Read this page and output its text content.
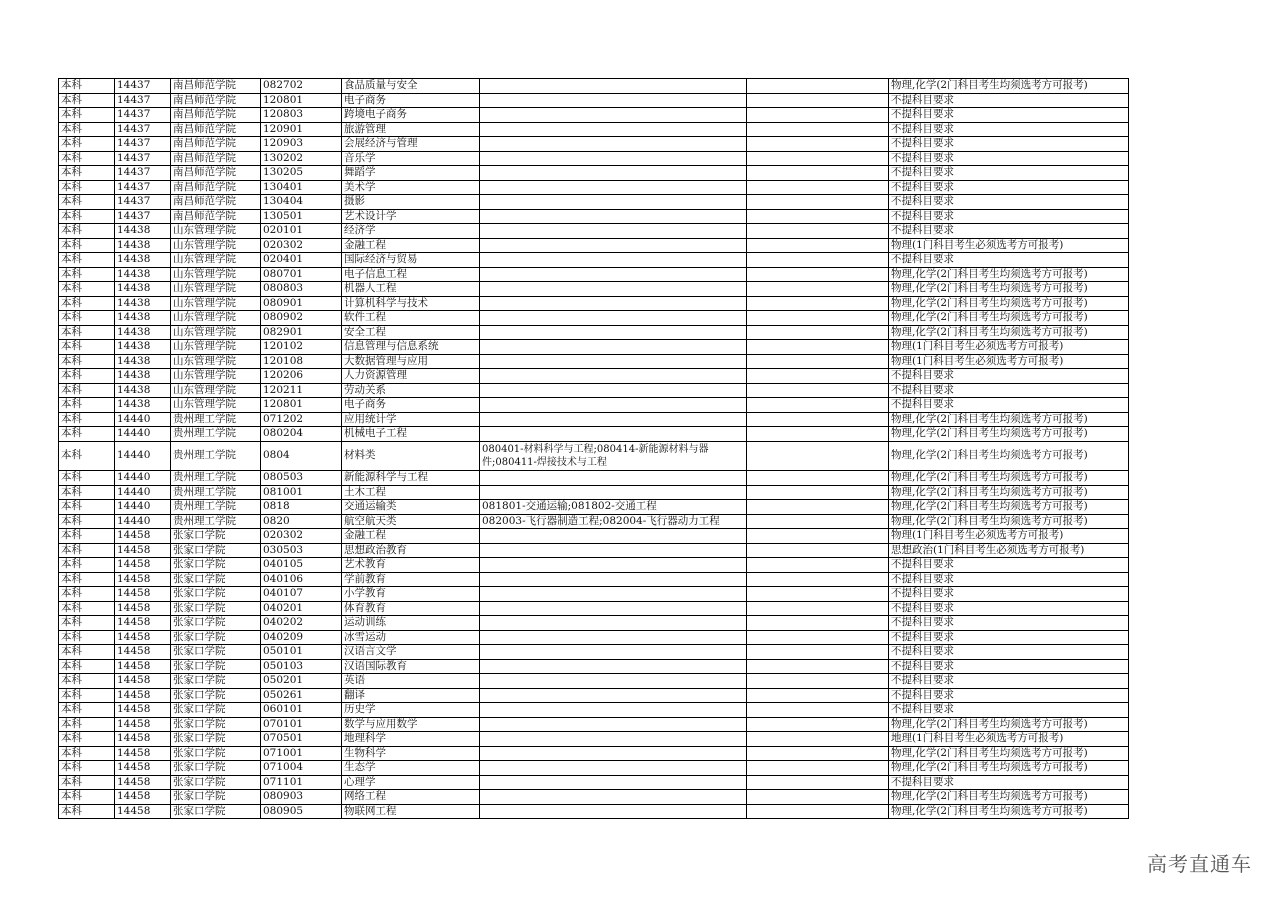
本科	14437	南昌师范学院	082702	食品质量与安全			物理,化学(2门科目考生均须选考方可报考)
本科	14437	南昌师范学院	120801	电子商务			不提科目要求
本科	14437	南昌师范学院	120803	跨境电子商务			不提科目要求
本科	14437	南昌师范学院	120901	旅游管理			不提科目要求
本科	14437	南昌师范学院	120903	会展经济与管理			不提科目要求
本科	14437	南昌师范学院	130202	音乐学			不提科目要求
本科	14437	南昌师范学院	130205	舞蹈学			不提科目要求
本科	14437	南昌师范学院	130401	美术学			不提科目要求
本科	14437	南昌师范学院	130404	摄影			不提科目要求
本科	14437	南昌师范学院	130501	艺术设计学			不提科目要求
本科	14438	山东管理学院	020101	经济学			不提科目要求
本科	14438	山东管理学院	020302	金融工程			物理(1门科目考生必须选考方可报考)
本科	14438	山东管理学院	020401	国际经济与贸易			不提科目要求
本科	14438	山东管理学院	080701	电子信息工程			物理,化学(2门科目考生均须选考方可报考)
本科	14438	山东管理学院	080803	机器人工程			物理,化学(2门科目考生均须选考方可报考)
本科	14438	山东管理学院	080901	计算机科学与技术			物理,化学(2门科目考生均须选考方可报考)
本科	14438	山东管理学院	080902	软件工程			物理,化学(2门科目考生均须选考方可报考)
本科	14438	山东管理学院	082901	安全工程			物理,化学(2门科目考生均须选考方可报考)
本科	14438	山东管理学院	120102	信息管理与信息系统			物理(1门科目考生必须选考方可报考)
本科	14438	山东管理学院	120108	大数据管理与应用			物理(1门科目考生必须选考方可报考)
本科	14438	山东管理学院	120206	人力资源管理			不提科目要求
本科	14438	山东管理学院	120211	劳动关系			不提科目要求
本科	14438	山东管理学院	120801	电子商务			不提科目要求
本科	14440	贵州理工学院	071202	应用统计学			物理,化学(2门科目考生均须选考方可报考)
本科	14440	贵州理工学院	080204	机械电子工程			物理,化学(2门科目考生均须选考方可报考)
本科	14440	贵州理工学院	0804	材料类	080401-材料科学与工程;080414-新能源材料与器件;080411-焊接技术与工程		物理,化学(2门科目考生均须选考方可报考)
本科	14440	贵州理工学院	080503	新能源科学与工程			物理,化学(2门科目考生均须选考方可报考)
本科	14440	贵州理工学院	081001	土木工程			物理,化学(2门科目考生均须选考方可报考)
本科	14440	贵州理工学院	0818	交通运输类	081801-交通运输;081802-交通工程		物理,化学(2门科目考生均须选考方可报考)
本科	14440	贵州理工学院	0820	航空航天类	082003-飞行器制造工程;082004-飞行器动力工程		物理,化学(2门科目考生均须选考方可报考)
本科	14458	张家口学院	020302	金融工程			物理(1门科目考生必须选考方可报考)
本科	14458	张家口学院	030503	思想政治教育			思想政治(1门科目考生必须选考方可报考)
本科	14458	张家口学院	040105	艺术教育			不提科目要求
本科	14458	张家口学院	040106	学前教育			不提科目要求
本科	14458	张家口学院	040107	小学教育			不提科目要求
本科	14458	张家口学院	040201	体育教育			不提科目要求
本科	14458	张家口学院	040202	运动训练			不提科目要求
本科	14458	张家口学院	040209	冰雪运动			不提科目要求
本科	14458	张家口学院	050101	汉语言文学			不提科目要求
本科	14458	张家口学院	050103	汉语国际教育			不提科目要求
本科	14458	张家口学院	050201	英语			不提科目要求
本科	14458	张家口学院	050261	翻译			不提科目要求
本科	14458	张家口学院	060101	历史学			不提科目要求
本科	14458	张家口学院	070101	数学与应用数学			物理,化学(2门科目考生均须选考方可报考)
本科	14458	张家口学院	070501	地理科学			地理(1门科目考生必须选考方可报考)
本科	14458	张家口学院	071001	生物科学			物理,化学(2门科目考生均须选考方可报考)
本科	14458	张家口学院	071004	生态学			物理,化学(2门科目考生均须选考方可报考)
本科	14458	张家口学院	071101	心理学			不提科目要求
本科	14458	张家口学院	080903	网络工程			物理,化学(2门科目考生均须选考方可报考)
本科	14458	张家口学院	080905	物联网工程			物理,化学(2门科目考生均须选考方可报考)
高考直通车
